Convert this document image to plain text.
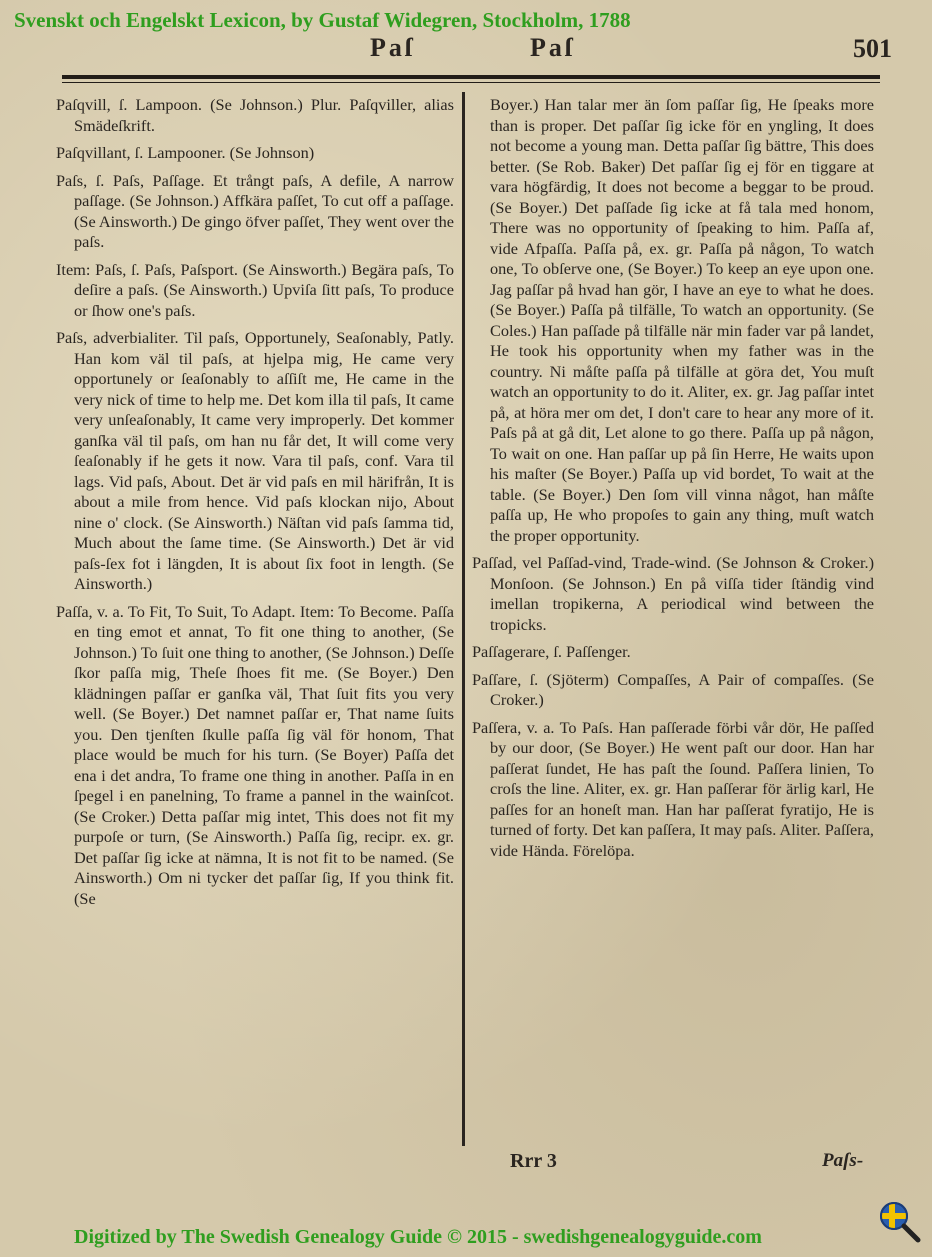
Svenskt och Engelskt Lexicon, by Gustaf Widegren, Stockholm, 1788
Paſ	Paſ	501

Paſqvill, ſ. Lampoon. (Se Johnson.) Plur. Paſqviller, alias Smädeſkrift.

Paſqvillant, ſ. Lampooner. (Se Johnson)

Paſs, ſ. Paſs, Paſſage. Et trångt paſs, A defile, A narrow paſſage. (Se Johnson.) Affkära paſſet, To cut off a paſſage. (Se Ainsworth.) De gingo öfver paſſet, They went over the paſs.

Item: Paſs, ſ. Paſs, Paſsport. (Se Ainsworth.) Begära paſs, To deſire a paſs. (Se Ainsworth.) Upviſa ſitt paſs, To produce or ſhow one's paſs.

Paſs, adverbialiter. Til paſs, Opportunely, Seaſonably, Patly. Han kom väl til paſs, at hjelpa mig, He came very opportunely or ſeaſonably to aſſiſt me, He came in the very nick of time to help me. Det kom illa til paſs, It came very unſeaſonably, It came very improperly. Det kommer ganſka väl til paſs, om han nu får det, It will come very ſeaſonably if he gets it now. Vara til paſs, conf. Vara til lags. Vid paſs, About. Det är vid paſs en mil härifrån, It is about a mile from hence. Vid paſs klockan nijo, About nine o' clock. (Se Ainsworth.) Näſtan vid paſs ſamma tid, Much about the ſame time. (Se Ainsworth.) Det är vid paſs-ſex fot i längden, It is about ſix foot in length. (Se Ainsworth.)

Paſſa, v. a. To Fit, To Suit, To Adapt. Item: To Become. Paſſa en ting emot et annat, To fit one thing to another, (Se Johnson.) To ſuit one thing to another, (Se Johnson.) Deſſe ſkor paſſa mig, Theſe ſhoes fit me. (Se Boyer.) Den klädningen paſſar er ganſka väl, That ſuit fits you very well. (Se Boyer.) Det namnet paſſar er, That name ſuits you. Den tjenſten ſkulle paſſa ſig väl för honom, That place would be much for his turn. (Se Boyer) Paſſa det ena i det andra, To frame one thing in another. Paſſa in en ſpegel i en panelning, To frame a pannel in the wainſcot. (Se Croker.) Detta paſſar mig intet, This does not fit my purpoſe or turn, (Se Ainsworth.) Paſſa ſig, recipr. ex. gr. Det paſſar ſig icke at nämna, It is not fit to be named. (Se Ainsworth.) Om ni tycker det paſſar ſig, If you think fit. (Se

Boyer.) Han talar mer än ſom paſſar ſig, He ſpeaks more than is proper. Det paſſar ſig icke för en yngling, It does not become a young man. Detta paſſar ſig bättre, This does better. (Se Rob. Baker) Det paſſar ſig ej för en tiggare at vara högfärdig, It does not become a beggar to be proud. (Se Boyer.) Det paſſade ſig icke at få tala med honom, There was no opportunity of ſpeaking to him. Paſſa af, vide Afpaſſa. Paſſa på, ex. gr. Paſſa på någon, To watch one, To obſerve one, (Se Boyer.) To keep an eye upon one. Jag paſſar på hvad han gör, I have an eye to what he does. (Se Boyer.) Paſſa på tilfälle, To watch an opportunity. (Se Coles.) Han paſſade på tilfälle när min fader var på landet, He took his opportunity when my father was in the country. Ni måſte paſſa på tilfälle at göra det, You muſt watch an opportunity to do it. Aliter, ex. gr. Jag paſſar intet på, at höra mer om det, I don't care to hear any more of it. Paſs på at gå dit, Let alone to go there. Paſſa up på någon, To wait on one. Han paſſar up på ſin Herre, He waits upon his maſter (Se Boyer.) Paſſa up vid bordet, To wait at the table. (Se Boyer.) Den ſom vill vinna något, han måſte paſſa up, He who propoſes to gain any thing, muſt watch the proper opportunity.

Paſſad, vel Paſſad-vind, Trade-wind. (Se Johnson & Croker.) Monſoon. (Se Johnson.) En på viſſa tider ſtändig vind imellan tropikerna, A periodical wind between the tropicks.

Paſſagerare, ſ. Paſſenger.

Paſſare, ſ. (Sjöterm) Compaſſes, A Pair of compaſſes. (Se Croker.)

Paſſera, v. a. To Paſs. Han paſſerade förbi vår dör, He paſſed by our door, (Se Boyer.) He went paſt our door. Han har paſſerat ſundet, He has paſt the ſound. Paſſera linien, To croſs the line. Aliter, ex. gr. Han paſſerar för ärlig karl, He paſſes for an honeſt man. Han har paſſerat fyratijo, He is turned of forty. Det kan paſſera, It may paſs. Aliter. Paſſera, vide Hända. Förelöpa.

Rrr 3	Paſs-
Digitized by The Swedish Genealogy Guide © 2015 - swedishgenealogyguide.com
